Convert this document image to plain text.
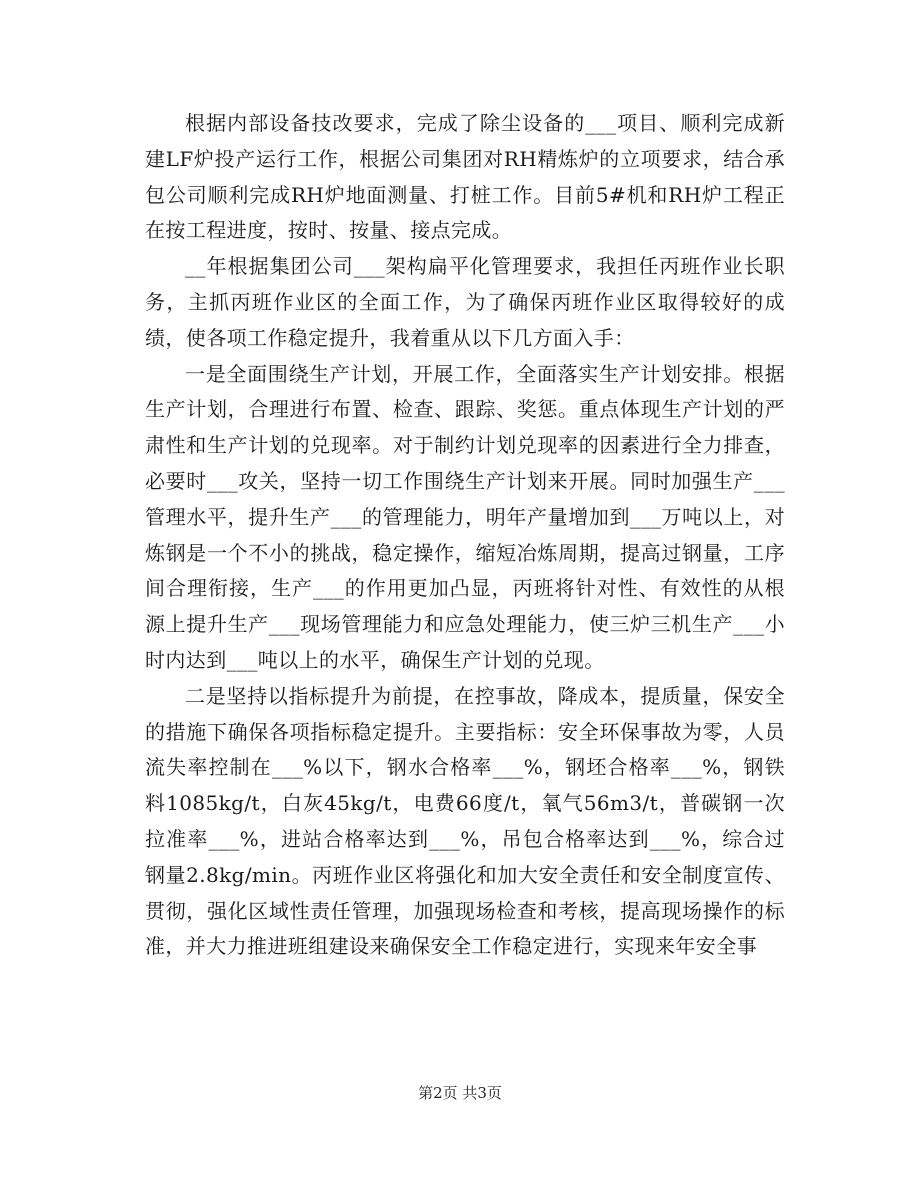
根据内部设备技改要求，完成了除尘设备的___项目、顺利完成新建LF炉投产运行工作，根据公司集团对RH精炼炉的立项要求，结合承包公司顺利完成RH炉地面测量、打桩工作。目前5#机和RH炉工程正在按工程进度，按时、按量、接点完成。

__年根据集团公司___架构扁平化管理要求，我担任丙班作业长职务，主抓丙班作业区的全面工作，为了确保丙班作业区取得较好的成绩，使各项工作稳定提升，我着重从以下几方面入手：

一是全面围绕生产计划，开展工作，全面落实生产计划安排。根据生产计划，合理进行布置、检查、跟踪、奖惩。重点体现生产计划的严肃性和生产计划的兑现率。对于制约计划兑现率的因素进行全力排查，必要时___攻关，坚持一切工作围绕生产计划来开展。同时加强生产___管理水平，提升生产___的管理能力，明年产量增加到___万吨以上，对炼钢是一个不小的挑战，稳定操作，缩短冶炼周期，提高过钢量，工序间合理衔接，生产___的作用更加凸显，丙班将针对性、有效性的从根源上提升生产___现场管理能力和应急处理能力，使三炉三机生产___小时内达到___吨以上的水平，确保生产计划的兑现。

二是坚持以指标提升为前提，在控事故，降成本，提质量，保安全的措施下确保各项指标稳定提升。主要指标：安全环保事故为零，人员流失率控制在___%以下，钢水合格率___%，钢坯合格率___%，钢铁料1085kg/t，白灰45kg/t，电费66度/t，氧气56m3/t，普碳钢一次拉准率___%，进站合格率达到___%，吊包合格率达到___%，综合过钢量2.8kg/min。丙班作业区将强化和加大安全责任和安全制度宣传、贯彻，强化区域性责任管理，加强现场检查和考核，提高现场操作的标准，并大力推进班组建设来确保安全工作稳定进行，实现来年安全事

第2页 共3页
